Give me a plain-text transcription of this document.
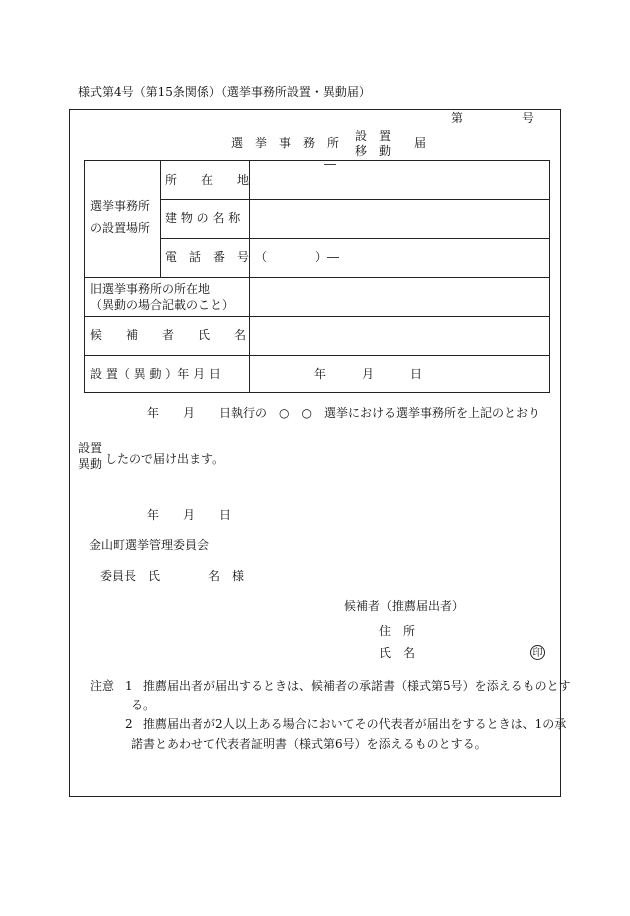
様式第4号（第15条関係）（選挙事務所設置・異動届）
第	号
選　挙　事　務　所 設　置
移　動
届
選挙事務所
の設置場所
所　　在　　地
―
建 物 の 名 称
電　話　番　号 （　　　　）―
旧選挙事務所の所在地
（異動の場合記載のこと）
候　　補　　者　　氏　　名
設 置（ 異 動 ）年 月 日	年　　　月　　　日
年　　月　　日執行の　○　○　選挙における選挙事務所を上記のとおり
設置
異動 したので届け出ます。
年　　月　　日
金山町選挙管理委員会
委員長　氏　　　　名　様
候補者（推薦届出者）
住　所
氏　名	印
注意 1 推薦届出者が届出するときは、候補者の承諾書（様式第5号）を添えるものとす
る。
2 推薦届出者が2人以上ある場合においてその代表者が届出をするときは、1の承
諾書とあわせて代表者証明書（様式第6号）を添えるものとする。
